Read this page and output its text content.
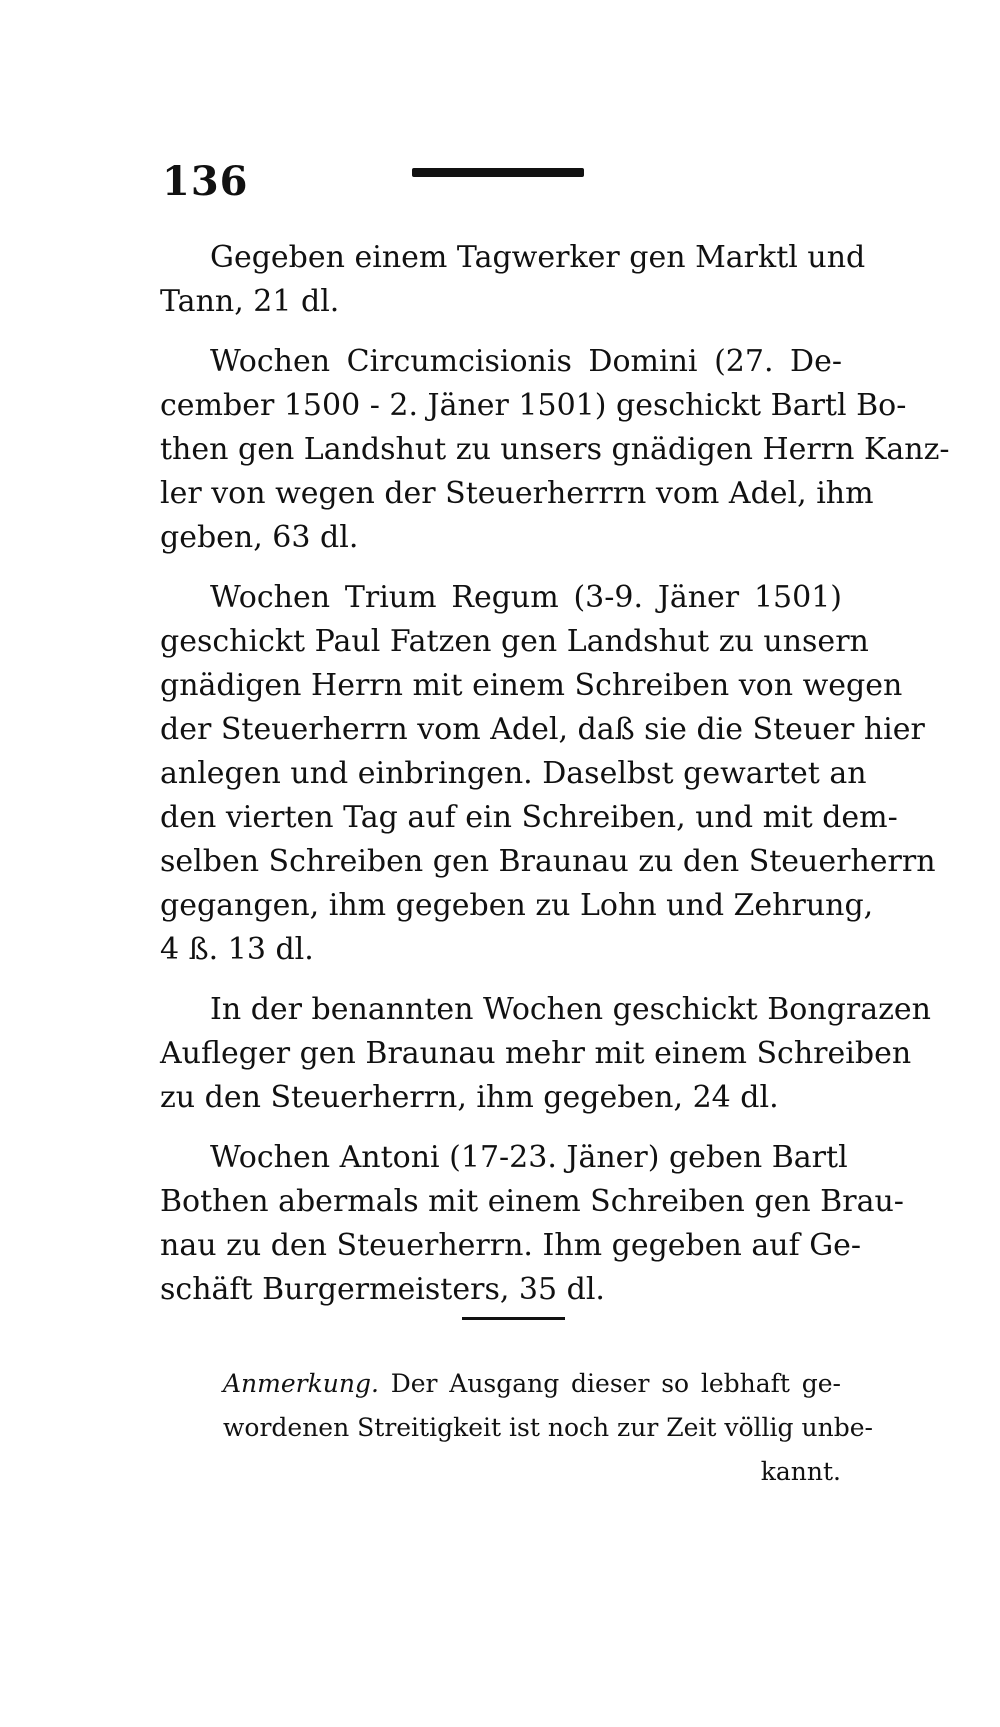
136
Gegeben einem Tagwerker gen Marktl und
Tann, 21 dl.
Wochen Circumcisionis Domini (27. De-
cember 1500 - 2. Jäner 1501) geschickt Bartl Bo-
then gen Landshut zu unsers gnädigen Herrn Kanz-
ler von wegen der Steuerherrrn vom Adel, ihm
geben, 63 dl.
Wochen Trium Regum (3-9. Jäner 1501)
geschickt Paul Fatzen gen Landshut zu unsern
gnädigen Herrn mit einem Schreiben von wegen
der Steuerherrn vom Adel, daß sie die Steuer hier
anlegen und einbringen. Daselbst gewartet an
den vierten Tag auf ein Schreiben, und mit dem-
selben Schreiben gen Braunau zu den Steuerherrn
gegangen, ihm gegeben zu Lohn und Zehrung,
4 ß. 13 dl.
In der benannten Wochen geschickt Bongrazen
Aufleger gen Braunau mehr mit einem Schreiben
zu den Steuerherrn, ihm gegeben, 24 dl.
Wochen Antoni (17-23. Jäner) geben Bartl
Bothen abermals mit einem Schreiben gen Brau-
nau zu den Steuerherrn. Ihm gegeben auf Ge-
schäft Burgermeisters, 35 dl.
Anmerkung. Der Ausgang dieser so lebhaft ge-
wordenen Streitigkeit ist noch zur Zeit völlig unbe-
kannt.
